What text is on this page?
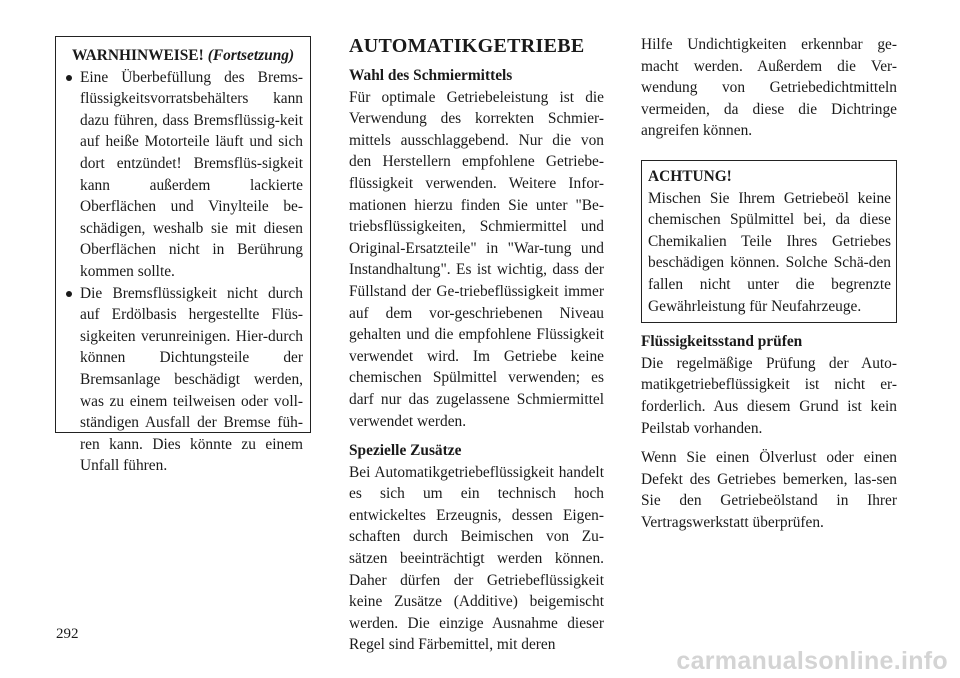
WARNHINWEISE! (Fortsetzung)
Eine Überbefüllung des Brems-flüssigkeitsvorratsbehälters kann dazu führen, dass Bremsflüssig-keit auf heiße Motorteile läuft und sich dort entzündet! Bremsflüs-sigkeit kann außerdem lackierte Oberflächen und Vinylteile be-schädigen, weshalb sie mit diesen Oberflächen nicht in Berührung kommen sollte.
Die Bremsflüssigkeit nicht durch auf Erdölbasis hergestellte Flüs-sigkeiten verunreinigen. Hier-durch können Dichtungsteile der Bremsanlage beschädigt werden, was zu einem teilweisen oder voll-ständigen Ausfall der Bremse füh-ren kann. Dies könnte zu einem Unfall führen.
AUTOMATIKGETRIEBE

Wahl des Schmiermittels

Für optimale Getriebeleistung ist die Verwendung des korrekten Schmier-mittels ausschlaggebend. Nur die von den Herstellern empfohlene Getriebe-flüssigkeit verwenden. Weitere Infor-mationen hierzu finden Sie unter "Be-triebsflüssigkeiten, Schmiermittel und Original-Ersatzteile" in "War-tung und Instandhaltung". Es ist wichtig, dass der Füllstand der Ge-triebeflüssigkeit immer auf dem vor-geschriebenen Niveau gehalten und die empfohlene Flüssigkeit verwendet wird. Im Getriebe keine chemischen Spülmittel verwenden; es darf nur das zugelassene Schmiermittel verwendet werden.

Spezielle Zusätze

Bei Automatikgetriebeflüssigkeit handelt es sich um ein technisch hoch entwickeltes Erzeugnis, dessen Eigen-schaften durch Beimischen von Zu-sätzen beeinträchtigt werden können. Daher dürfen der Getriebeflüssigkeit keine Zusätze (Additive) beigemischt werden. Die einzige Ausnahme dieser Regel sind Färbemittel, mit deren

Hilfe Undichtigkeiten erkennbar ge-macht werden. Außerdem die Ver-wendung von Getriebedichtmitteln vermeiden, da diese die Dichtringe angreifen können.

ACHTUNG!

Mischen Sie Ihrem Getriebeöl keine chemischen Spülmittel bei, da diese Chemikalien Teile Ihres Getriebes beschädigen können. Solche Schä-den fallen nicht unter die begrenzte Gewährleistung für Neufahrzeuge.

Flüssigkeitsstand prüfen

Die regelmäßige Prüfung der Auto-matikgetriebeflüssigkeit ist nicht er-forderlich. Aus diesem Grund ist kein Peilstab vorhanden.

Wenn Sie einen Ölverlust oder einen Defekt des Getriebes bemerken, las-sen Sie den Getriebeölstand in Ihrer Vertragswerkstatt überprüfen.

292
carmanualsonline.info
